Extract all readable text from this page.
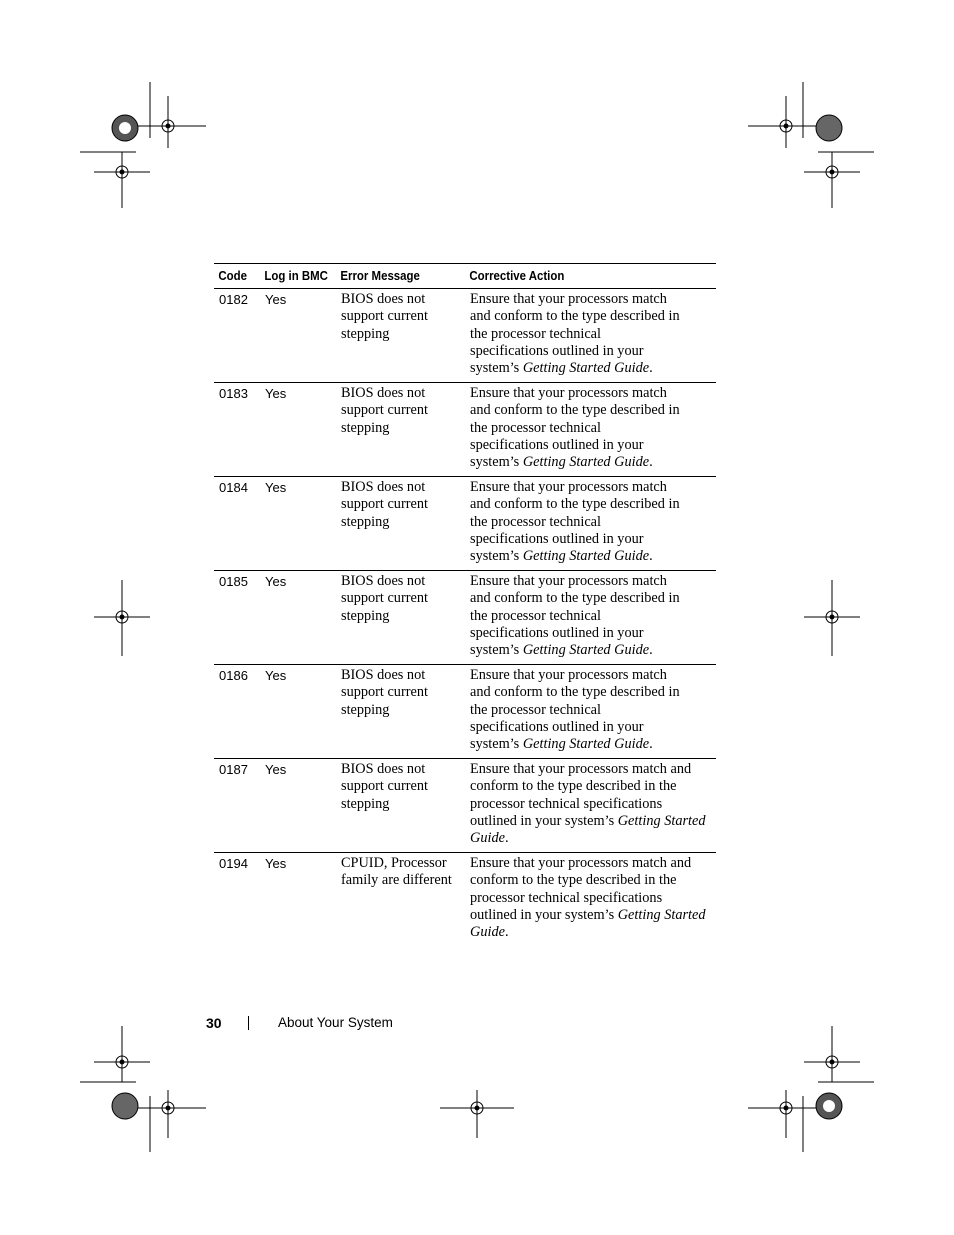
Code	Log in BMC	Error Message	Corrective Action
0182	Yes	BIOS does not support current stepping	Ensure that your processors match
and conform to the type described in
the processor technical
specifications outlined in your
system’s Getting Started Guide.
0183	Yes	BIOS does not support current stepping	Ensure that your processors match
and conform to the type described in
the processor technical
specifications outlined in your
system’s Getting Started Guide.
0184	Yes	BIOS does not support current stepping	Ensure that your processors match
and conform to the type described in
the processor technical
specifications outlined in your
system’s Getting Started Guide.
0185	Yes	BIOS does not support current stepping	Ensure that your processors match
and conform to the type described in
the processor technical
specifications outlined in your
system’s Getting Started Guide.
0186	Yes	BIOS does not support current stepping	Ensure that your processors match
and conform to the type described in
the processor technical
specifications outlined in your
system’s Getting Started Guide.
0187	Yes	BIOS does not support current stepping	Ensure that your processors match and
conform to the type described in the
processor technical specifications
outlined in your system’s Getting Started Guide.
0194	Yes	CPUID, Processor family are different	Ensure that your processors match and
conform to the type described in the
processor technical specifications
outlined in your system’s Getting Started Guide.
30	About Your System
